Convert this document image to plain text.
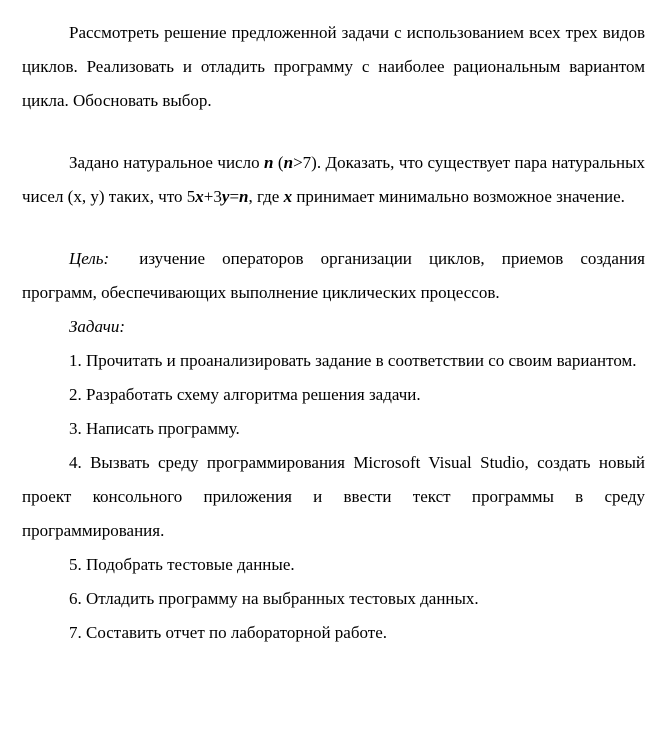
Рассмотреть решение предложенной задачи с использованием всех трех видов циклов. Реализовать и отладить программу с наиболее рациональным вариантом цикла. Обосновать выбор.

Задано натуральное число n (n>7). Доказать, что существует пара натуральных чисел (x, y) таких, что 5x+3y=n, где x принимает минимально возможное значение.

Цель: изучение операторов организации циклов, приемов создания программ, обеспечивающих выполнение циклических процессов.

Задачи:

1. Прочитать и проанализировать задание в соответствии со своим вариантом.

2. Разработать схему алгоритма решения задачи.

3. Написать программу.

4. Вызвать среду программирования Microsoft Visual Studio, создать новый проект консольного приложения и ввести текст программы в среду программирования.

5. Подобрать тестовые данные.

6. Отладить программу на выбранных тестовых данных.

7. Составить отчет по лабораторной работе.
